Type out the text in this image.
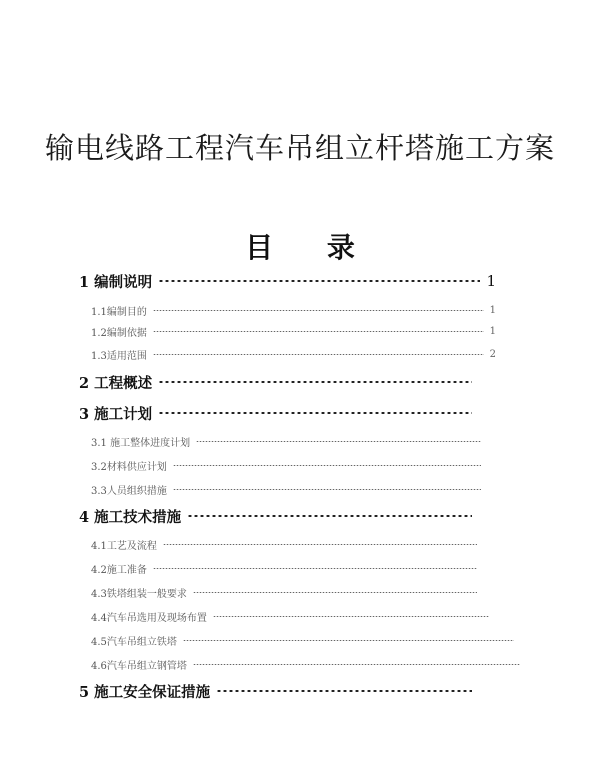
输电线路工程汽车吊组立杆塔施工方案
目 录
1 编制说明	1
1.1编制目的	1
1.2编制依据	1
1.3适用范围	2
2 工程概述
3 施工计划
3.1 施工整体进度计划
3.2材料供应计划
3.3人员组织措施
4 施工技术措施
4.1工艺及流程
4.2施工准备
4.3铁塔组装一般要求
4.4汽车吊选用及现场布置
4.5汽车吊组立铁塔
4.6汽车吊组立钢管塔
5 施工安全保证措施
